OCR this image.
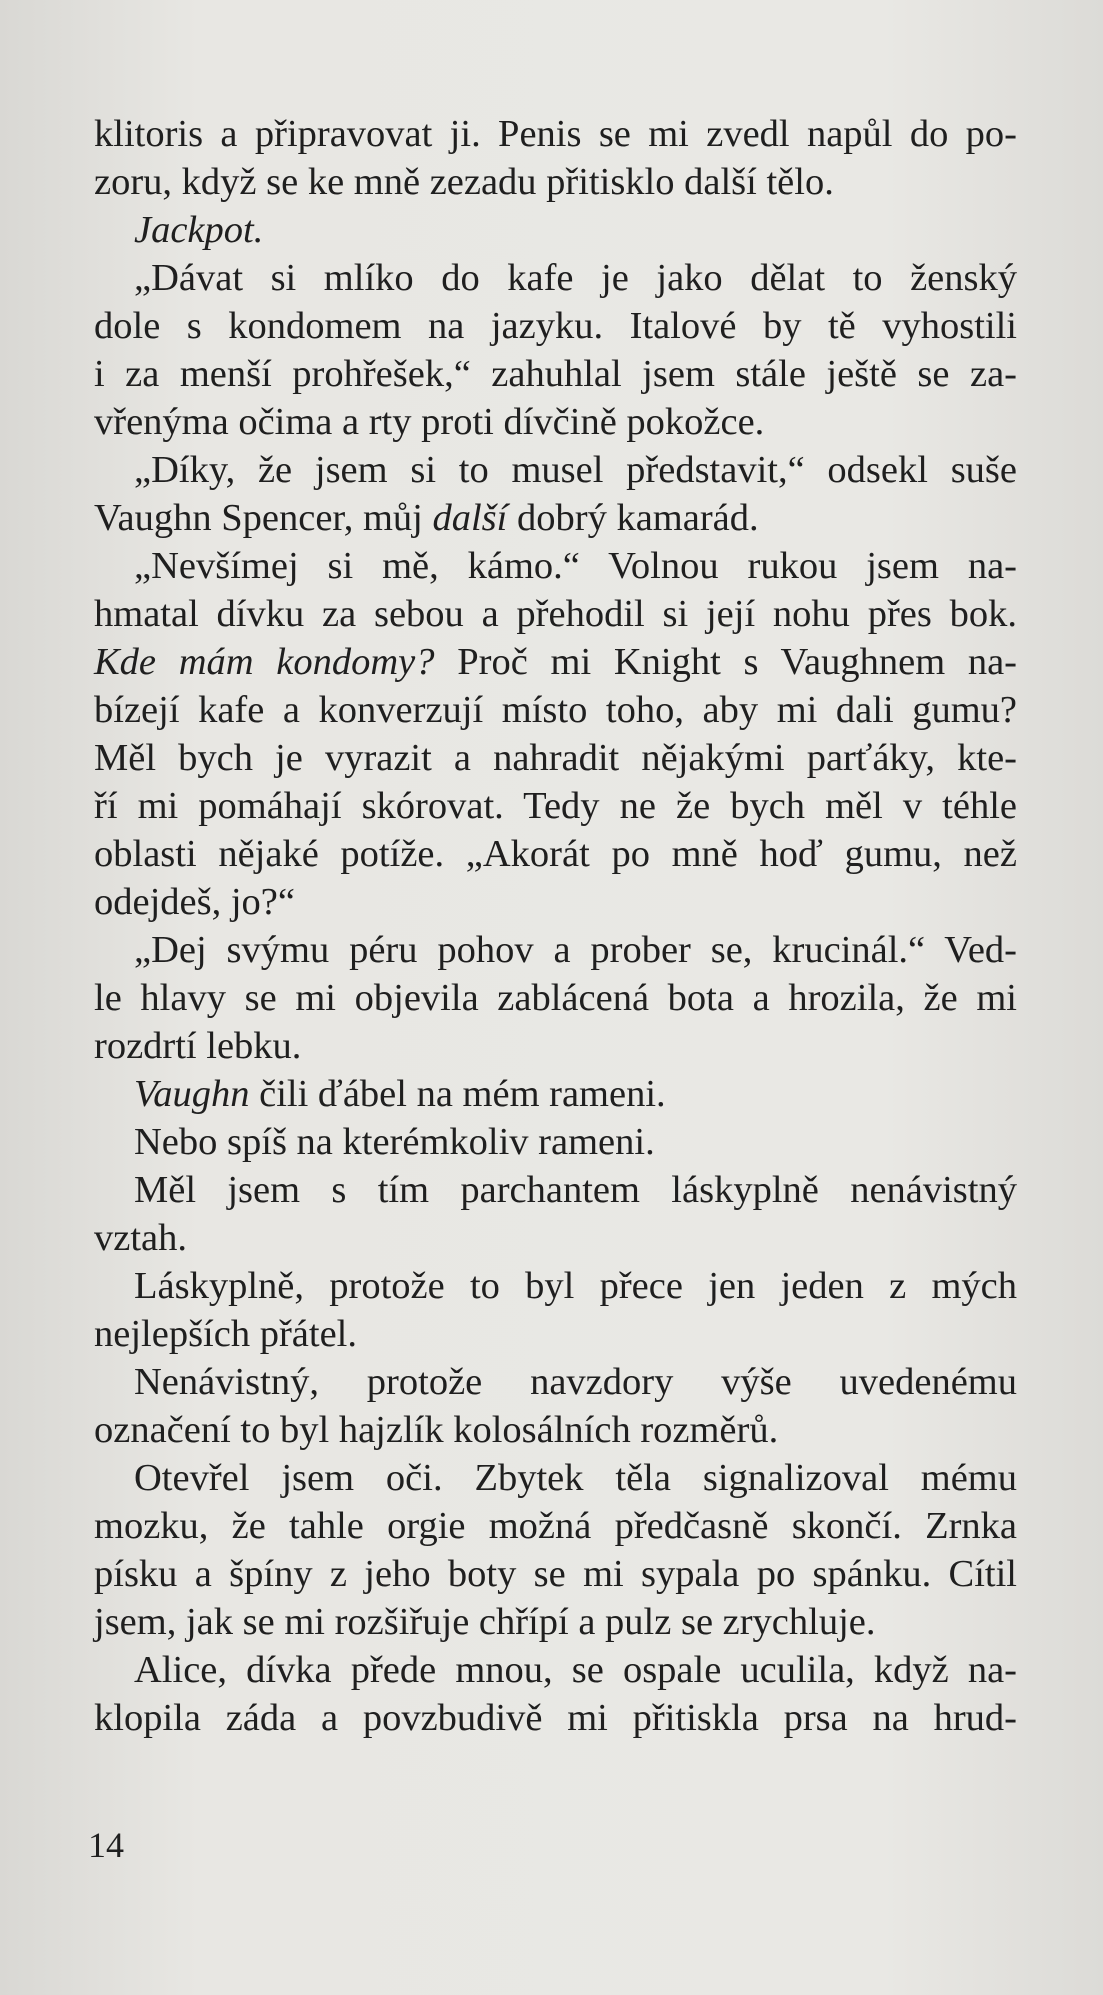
klitoris a připravovat ji. Penis se mi zvedl napůl do po-
zoru, když se ke mně zezadu přitisklo další tělo.
Jackpot.
„Dávat si mlíko do kafe je jako dělat to ženský
dole s kondomem na jazyku. Italové by tě vyhostili
i za menší prohřešek,“ zahuhlal jsem stále ještě se za-
vřenýma očima a rty proti dívčině pokožce.
„Díky, že jsem si to musel představit,“ odsekl suše
Vaughn Spencer, můj další dobrý kamarád.
„Nevšímej si mě, kámo.“ Volnou rukou jsem na-
hmatal dívku za sebou a přehodil si její nohu přes bok.
Kde mám kondomy? Proč mi Knight s Vaughnem na-
bízejí kafe a konverzují místo toho, aby mi dali gumu?
Měl bych je vyrazit a nahradit nějakými parťáky, kte-
ří mi pomáhají skórovat. Tedy ne že bych měl v téhle
oblasti nějaké potíže. „Akorát po mně hoď gumu, než
odejdeš, jo?“
„Dej svýmu péru pohov a prober se, krucinál.“ Ved-
le hlavy se mi objevila zablácená bota a hrozila, že mi
rozdrtí lebku.
Vaughn čili ďábel na mém rameni.
Nebo spíš na kterémkoliv rameni.
Měl jsem s tím parchantem láskyplně nenávistný
vztah.
Láskyplně, protože to byl přece jen jeden z mých
nejlepších přátel.
Nenávistný, protože navzdory výše uvedenému
označení to byl hajzlík kolosálních rozměrů.
Otevřel jsem oči. Zbytek těla signalizoval mému
mozku, že tahle orgie možná předčasně skončí. Zrnka
písku a špíny z jeho boty se mi sypala po spánku. Cítil
jsem, jak se mi rozšiřuje chřípí a pulz se zrychluje.
Alice, dívka přede mnou, se ospale uculila, když na-
klopila záda a povzbudivě mi přitiskla prsa na hrud-
14
